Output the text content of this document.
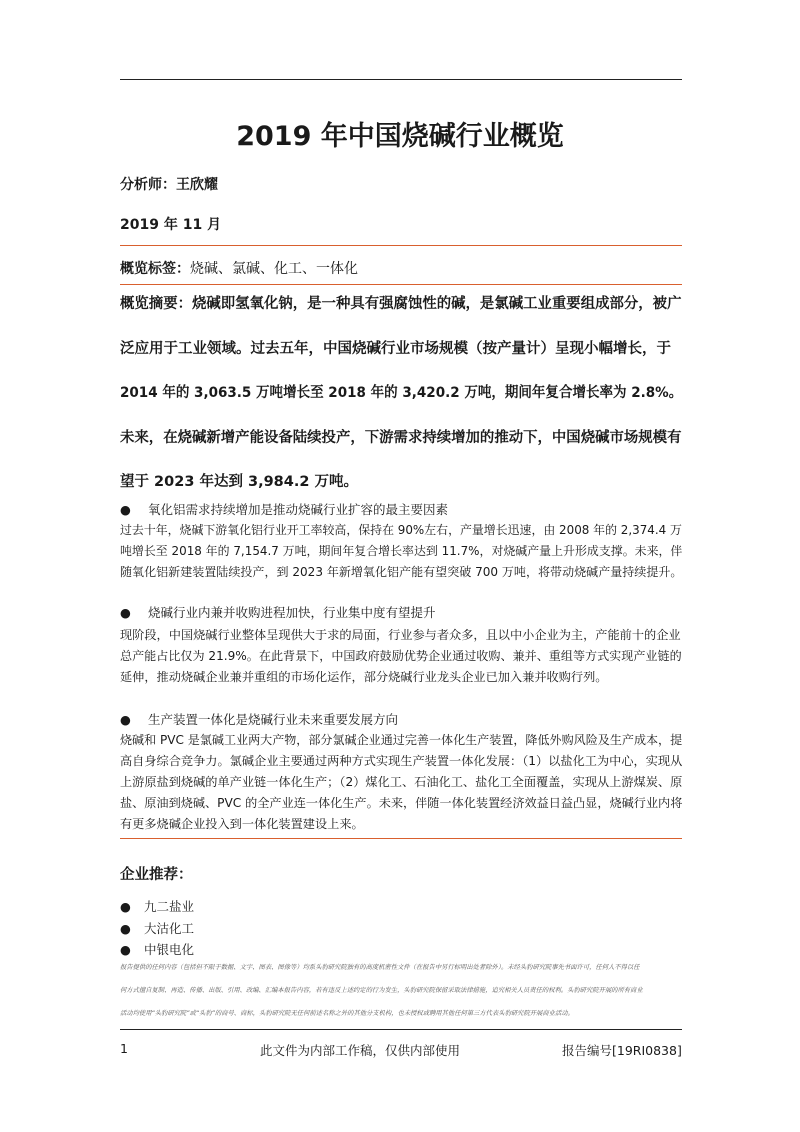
2019 年中国烧碱行业概览
分析师：王欣耀
2019 年 11 月
概览标签：烧碱、氯碱、化工、一体化
概览摘要：烧碱即氢氧化钠，是一种具有强腐蚀性的碱，是氯碱工业重要组成部分，被广
泛应用于工业领域。过去五年，中国烧碱行业市场规模（按产量计）呈现小幅增长，于
2014 年的 3,063.5 万吨增长至 2018 年的 3,420.2 万吨，期间年复合增长率为 2.8%。
未来，在烧碱新增产能设备陆续投产，下游需求持续增加的推动下，中国烧碱市场规模有
望于 2023 年达到 3,984.2 万吨。
● 氧化铝需求持续增加是推动烧碱行业扩容的最主要因素
过去十年，烧碱下游氧化铝行业开工率较高，保持在 90%左右，产量增长迅速，由 2008 年的 2,374.4 万
吨增长至 2018 年的 7,154.7 万吨，期间年复合增长率达到 11.7%，对烧碱产量上升形成支撑。未来，伴
随氧化铝新建装置陆续投产，到 2023 年新增氧化铝产能有望突破 700 万吨，将带动烧碱产量持续提升。
● 烧碱行业内兼并收购进程加快，行业集中度有望提升
现阶段，中国烧碱行业整体呈现供大于求的局面，行业参与者众多，且以中小企业为主，产能前十的企业
总产能占比仅为 21.9%。在此背景下，中国政府鼓励优势企业通过收购、兼并、重组等方式实现产业链的
延伸，推动烧碱企业兼并重组的市场化运作，部分烧碱行业龙头企业已加入兼并收购行列。
● 生产装置一体化是烧碱行业未来重要发展方向
烧碱和 PVC 是氯碱工业两大产物，部分氯碱企业通过完善一体化生产装置，降低外购风险及生产成本，提
高自身综合竞争力。氯碱企业主要通过两种方式实现生产装置一体化发展：（1）以盐化工为中心，实现从
上游原盐到烧碱的单产业链一体化生产；（2）煤化工、石油化工、盐化工全面覆盖，实现从上游煤炭、原
盐、原油到烧碱、PVC 的全产业连一体化生产。未来，伴随一体化装置经济效益日益凸显，烧碱行业内将
有更多烧碱企业投入到一体化装置建设上来。
企业推荐：
● 九二盐业
● 大沽化工
● 中银电化
报告提供的任何内容（包括但不限于数据、文字、图表、图像等）均系头豹研究院独有的高度机密性文件（在报告中另行标明出处者除外）。未经头豹研究院事先书面许可，任何人不得以任
何方式擅自复制、再造、传播、出版、引用、改编、汇编本报告内容，若有违反上述约定的行为发生，头豹研究院保留采取法律措施，追究相关人员责任的权利。头豹研究院开展的所有商业
活动均使用“头豹研究院”或“头豹”的商号、商标，头豹研究院无任何前述名称之外的其他分支机构，也未授权或聘用其他任何第三方代表头豹研究院开展商业活动。
1	此文件为内部工作稿，仅供内部使用	报告编号[19RI0838]
